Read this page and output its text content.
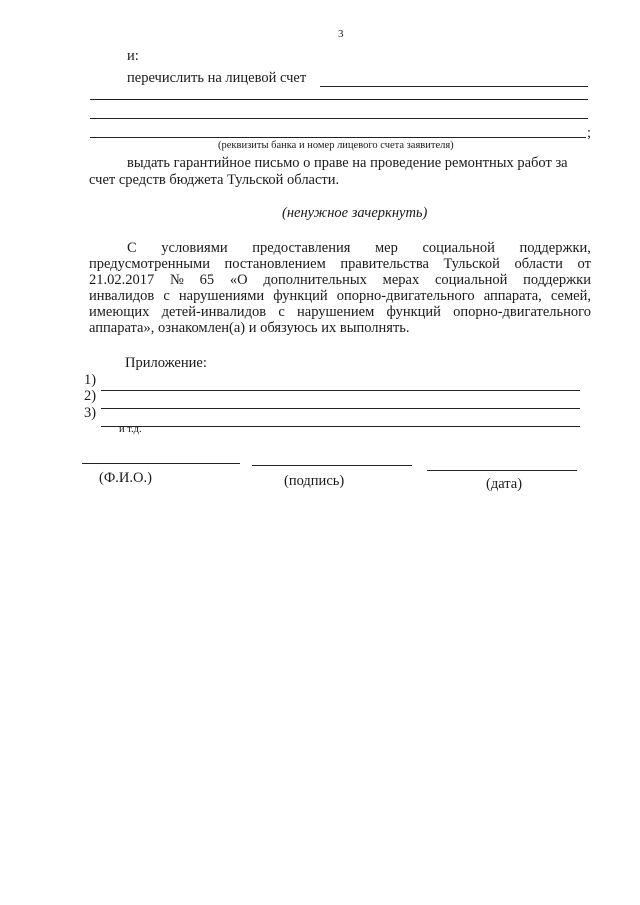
3
и:
перечислить на лицевой счет
;
(реквизиты банка и номер лицевого счета заявителя)
выдать гарантийное письмо о праве на проведение ремонтных работ за
счет средств бюджета Тульской области.
(ненужное зачеркнуть)
С условиями предоставления мер социальной поддержки,
предусмотренными постановлением правительства Тульской области от
21.02.2017 № 65 «О дополнительных мерах социальной поддержки
инвалидов с нарушениями функций опорно-двигательного аппарата, семей,
имеющих детей-инвалидов с нарушением функций опорно-двигательного
аппарата», ознакомлен(а) и обязуюсь их выполнять.
Приложение:
1)
2)
3)
и т.д.
(Ф.И.О.)	(подпись)	(дата)
